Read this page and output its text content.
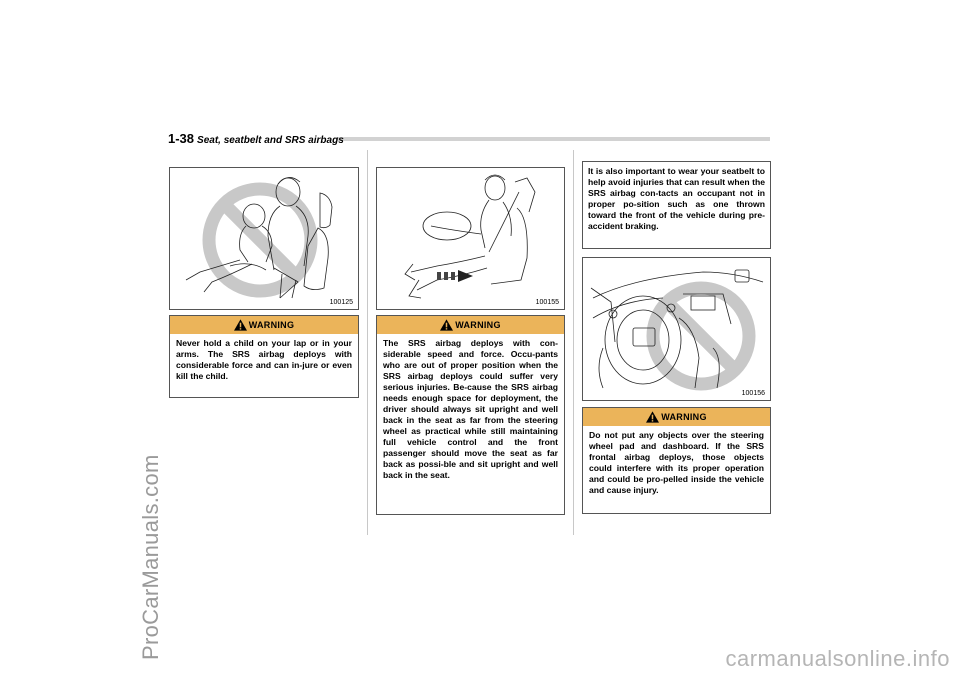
ProCarManuals.com	carmanualsonline.info
1-38 Seat, seatbelt and SRS airbags
100125
WARNING
Never hold a child on your lap or in your arms. The SRS airbag deploys with considerable force and can in-jure or even kill the child.
100155
WARNING
The SRS airbag deploys with con-siderable speed and force. Occu-pants who are out of proper position when the SRS airbag deploys could suffer very serious injuries. Be-cause the SRS airbag needs enough space for deployment, the driver should always sit upright and well back in the seat as far from the steering wheel as practical while still maintaining full vehicle control and the front passenger should move the seat as far back as possi-ble and sit upright and well back in the seat.
It is also important to wear your seatbelt to help avoid injuries that can result when the SRS airbag con-tacts an occupant not in proper po-sition such as one thrown toward the front of the vehicle during pre-accident braking.
100156
WARNING
Do not put any objects over the steering wheel pad and dashboard. If the SRS frontal airbag deploys, those objects could interfere with its proper operation and could be pro-pelled inside the vehicle and cause injury.
